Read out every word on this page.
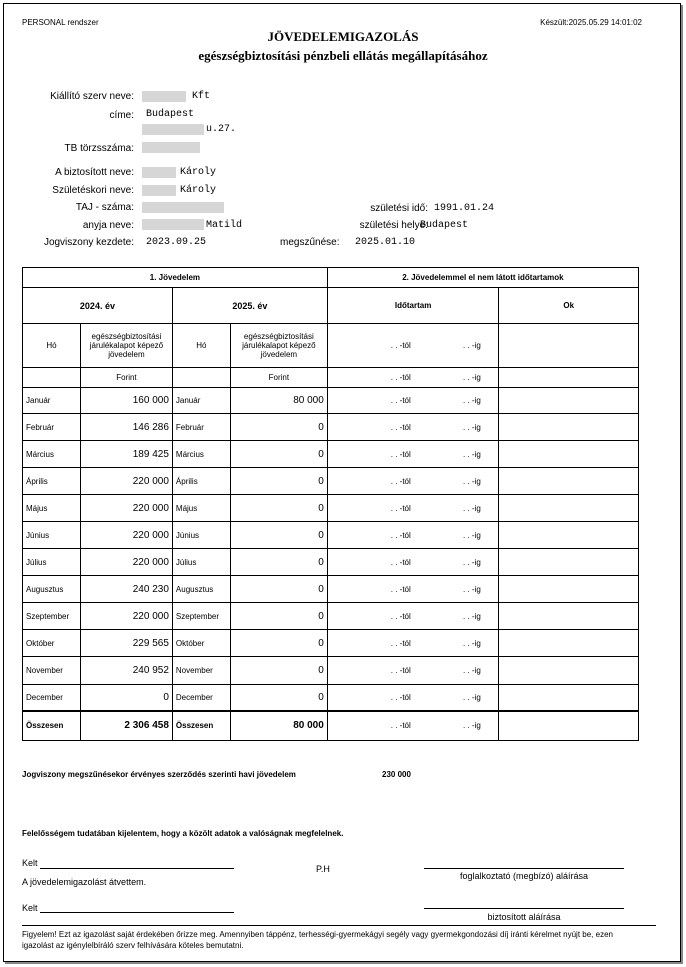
PERSONAL rendszer	Készült:2025.05.29 14:01:02
JÖVEDELEMIGAZOLÁS
egészségbiztosítási pénzbeli ellátás megállapításához
Kiállító szerv neve:	Kft
címe: Budapest
u.27.
TB törzsszáma:
A biztosított neve:	Károly
Születéskori neve:	Károly
TAJ - száma:
anyja neve:	Matild
születési idő: 1991.01.24
születési helye:
Budapest
Jogviszony kezdete: 2023.09.25	megszűnése: 2025.01.10
1. Jövedelem				2. Jövedelemmel el nem látott időtartamok	
2024. év		2025. év		Időtartam	Ok
Hó	egészségbiztosítási járulékalapot képező jövedelem	Hó	egészségbiztosítási járulékalapot képező jövedelem	. . -tól . . -ig	
	Forint		Forint	. . -tól . . -ig	
Január	160 000	Január	80 000	. . -tól . . -ig	
Február	146 286	Február	0	. . -tól . . -ig	
Március	189 425	Március	0	. . -tól . . -ig	
Április	220 000	Április	0	. . -tól . . -ig	
Május	220 000	Május	0	. . -tól . . -ig	
Június	220 000	Június	0	. . -tól . . -ig	
Július	220 000	Július	0	. . -tól . . -ig	
Augusztus	240 230	Augusztus	0	. . -tól . . -ig	
Szeptember	220 000	Szeptember	0	. . -tól . . -ig	
Október	229 565	Október	0	. . -tól . . -ig	
November	240 952	November	0	. . -tól . . -ig	
December	0	December	0	. . -tól . . -ig	
Összesen	2 306 458	Összesen	80 000	. . -tól . . -ig	
Jogviszony megszűnésekor érvényes szerződés szerinti havi jövedelem	230 000
Felelősségem tudatában kijelentem, hogy a közölt adatok a valóságnak megfelelnek.
Kelt
P.H
foglalkoztató (megbízó) aláírása
A jövedelemigazolást átvettem.
Kelt
biztosított aláírása
Figyelem! Ezt az igazolást saját érdekében őrizze meg. Amennyiben táppénz, terhességi-gyermekágyi segély vagy gyermekgondozási díj iránti kérelmet nyújt be, ezen igazolást az igénylelbíráló szerv felhívására köteles bemutatni.
